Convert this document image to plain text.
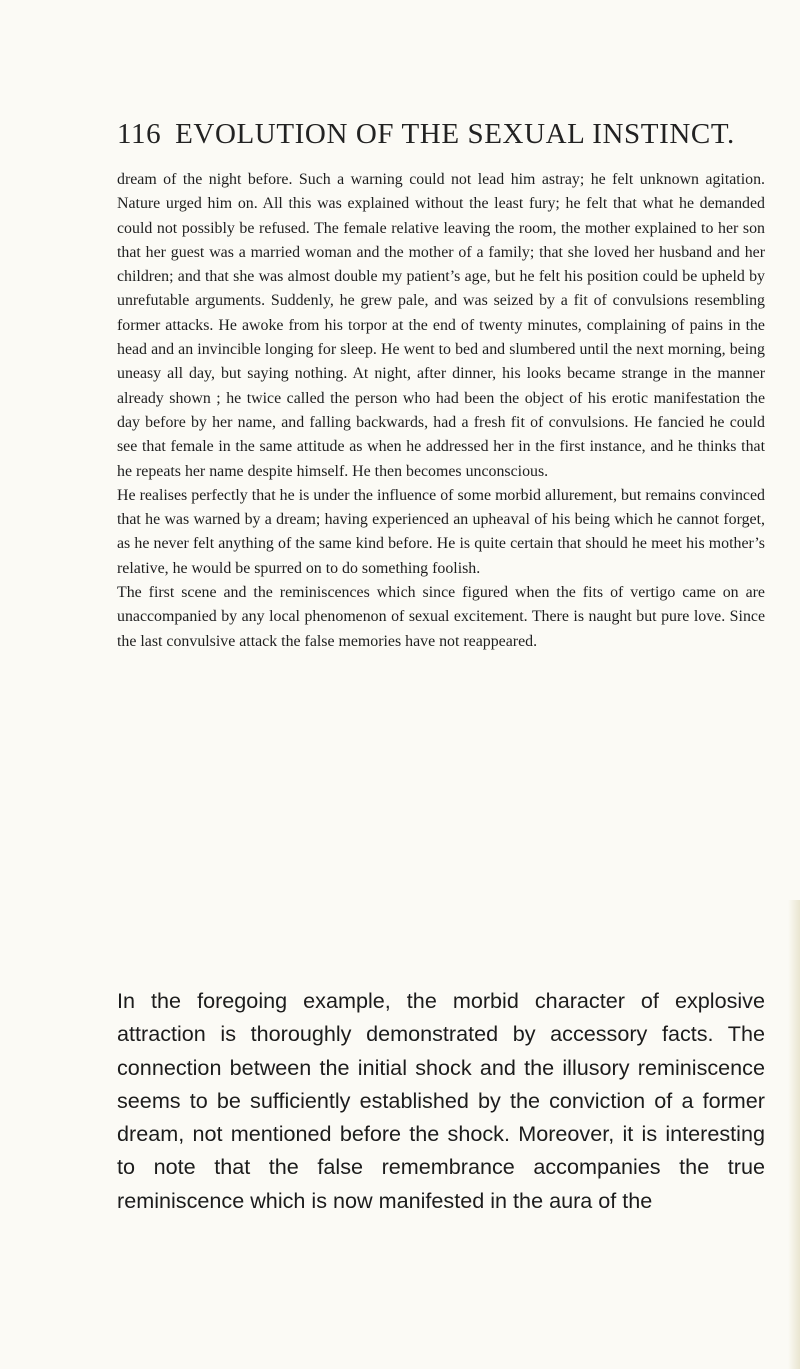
116 EVOLUTION OF THE SEXUAL INSTINCT.

dream of the night before. Such a warning could not lead him astray; he felt unknown agitation. Nature urged him on. All this was explained without the least fury; he felt that what he demanded could not possibly be refused. The female relative leaving the room, the mother explained to her son that her guest was a married woman and the mother of a family; that she loved her husband and her children; and that she was almost double my patient’s age, but he felt his position could be upheld by unrefutable arguments. Suddenly, he grew pale, and was seized by a fit of convulsions resembling former attacks. He awoke from his torpor at the end of twenty minutes, complaining of pains in the head and an invincible longing for sleep. He went to bed and slumbered until the next morning, being uneasy all day, but saying nothing. At night, after dinner, his looks became strange in the manner already shown ; he twice called the person who had been the object of his erotic manifestation the day before by her name, and falling backwards, had a fresh fit of convulsions. He fancied he could see that female in the same attitude as when he addressed her in the first instance, and he thinks that he repeats her name despite himself. He then becomes unconscious.

He realises perfectly that he is under the influence of some morbid allurement, but remains convinced that he was warned by a dream; having experienced an upheaval of his being which he cannot forget, as he never felt anything of the same kind before. He is quite certain that should he meet his mother’s relative, he would be spurred on to do something foolish.

The first scene and the reminiscences which since figured when the fits of vertigo came on are unaccompanied by any local phenomenon of sexual excitement. There is naught but pure love. Since the last convulsive attack the false memories have not reappeared.

In the foregoing example, the morbid character of explosive attraction is thoroughly demonstrated by accessory facts. The connection between the initial shock and the illusory reminiscence seems to be sufficiently established by the conviction of a former dream, not mentioned before the shock. Moreover, it is interesting to note that the false remembrance accompanies the true reminiscence which is now manifested in the aura of the
